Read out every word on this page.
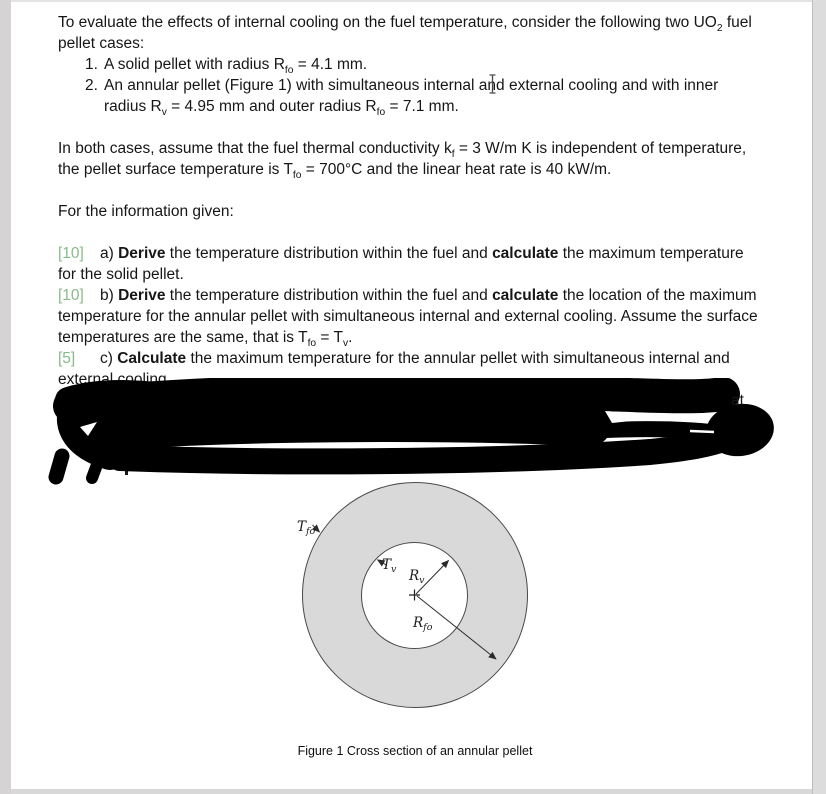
To evaluate the effects of internal cooling on the fuel temperature, consider the following two $UO_2$ fuel pellet cases:

1. A solid pellet with radius $R_{fo} = 4.1$ mm.
2. An annular pellet (Figure 1) with simultaneous internal and external cooling and with inner radius $R_v = 4.95$ mm and outer radius $R_{fo} = 7.1$ mm.

In both cases, assume that the fuel thermal conductivity $k_f = 3$ W/m K is independent of temperature, the pellet surface temperature is $T_{fo} = 700^\circ C$ and the linear heat rate is 40 kW/m.

For the information given:

[10] a) Derive the temperature distribution within the fuel and calculate the maximum temperature for the solid pellet.

[10] b) Derive the temperature distribution within the fuel and calculate the location of the maximum temperature for the annular pellet with simultaneous internal and external cooling. Assume the surface temperatures are the same, that is $T_{fo} = T_v$.

[5] c) Calculate the maximum temperature for the annular pellet with simultaneous internal and external cooling.

at
$T_{fo}$
$T_v$ $R_v$
$R_{fo}$
Figure 1 Cross section of an annular pellet
